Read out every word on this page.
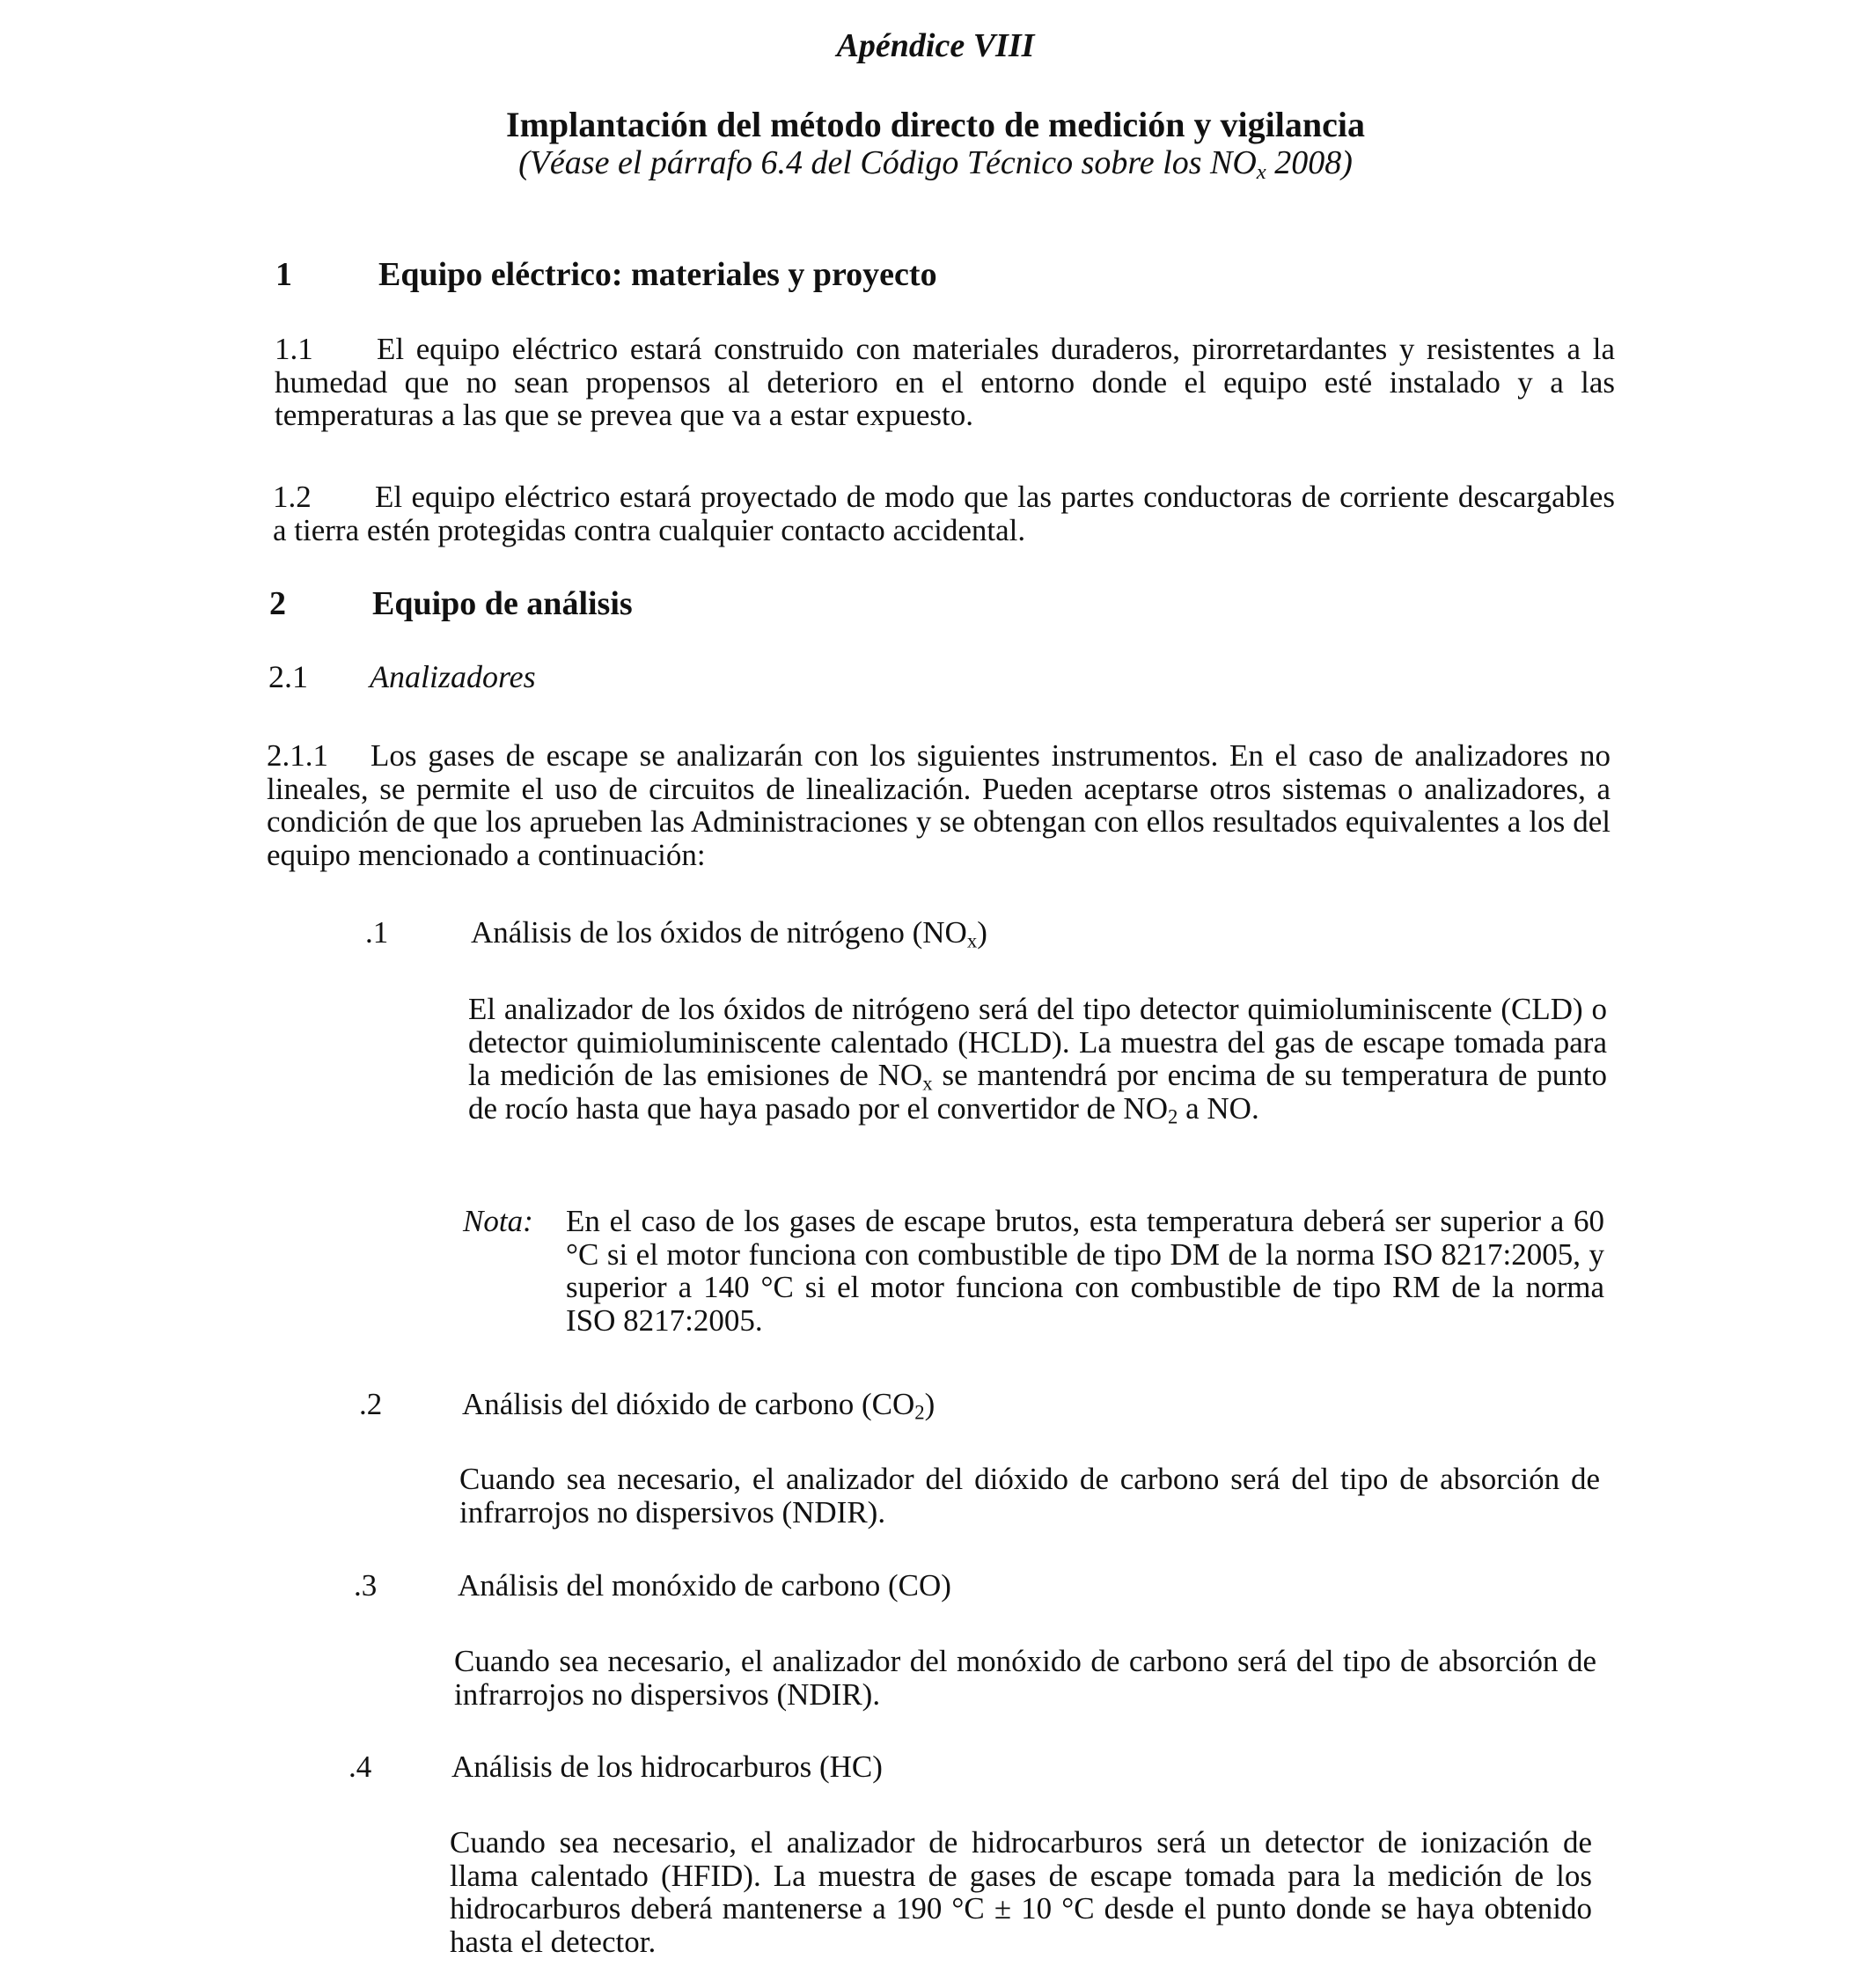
Apéndice VIII
Implantación del método directo de medición y vigilancia
(Véase el párrafo 6.4 del Código Técnico sobre los $NO_x$ 2008)
1	Equipo eléctrico: materiales y proyecto
1.1 El equipo eléctrico estará construido con materiales duraderos, pirorretardantes y resistentes a la humedad que no sean propensos al deterioro en el entorno donde el equipo esté instalado y a las temperaturas a las que se prevea que va a estar expuesto.
1.2 El equipo eléctrico estará proyectado de modo que las partes conductoras de corriente descargables a tierra estén protegidas contra cualquier contacto accidental.
2	Equipo de análisis
2.1 Analizadores
2.1.1 Los gases de escape se analizarán con los siguientes instrumentos. En el caso de analizadores no lineales, se permite el uso de circuitos de linealización. Pueden aceptarse otros sistemas o analizadores, a condición de que los aprueben las Administraciones y se obtengan con ellos resultados equivalentes a los del equipo mencionado a continuación:
.1	Análisis de los óxidos de nitrógeno $(NO_x)$
El analizador de los óxidos de nitrógeno será del tipo detector quimioluminiscente (CLD) o detector quimioluminiscente calentado (HCLD). La muestra del gas de escape tomada para la medición de las emisiones de $NO_x$ se mantendrá por encima de su temperatura de punto de rocío hasta que haya pasado por el convertidor de $NO_2$ a NO.
Nota: En el caso de los gases de escape brutos, esta temperatura deberá ser superior a 60 °C si el motor funciona con combustible de tipo DM de la norma ISO 8217:2005, y superior a 140 °C si el motor funciona con combustible de tipo RM de la norma ISO 8217:2005.
.2	Análisis del dióxido de carbono $(CO_2)$
Cuando sea necesario, el analizador del dióxido de carbono será del tipo de absorción de infrarrojos no dispersivos (NDIR).
.3	Análisis del monóxido de carbono (CO)
Cuando sea necesario, el analizador del monóxido de carbono será del tipo de absorción de infrarrojos no dispersivos (NDIR).
.4	Análisis de los hidrocarburos (HC)
Cuando sea necesario, el analizador de hidrocarburos será un detector de ionización de llama calentado (HFID). La muestra de gases de escape tomada para la medición de los hidrocarburos deberá mantenerse a 190 °C ± 10 °C desde el punto donde se haya obtenido hasta el detector.
